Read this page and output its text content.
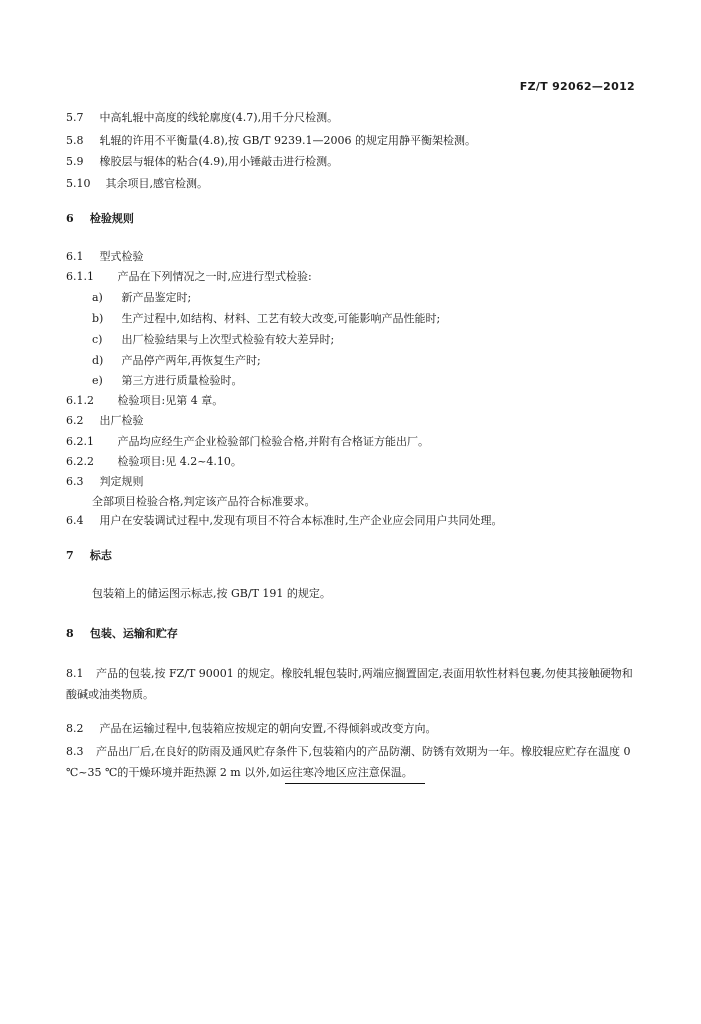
FZ/T 92062—2012
5.7 中高轧辊中高度的线轮廓度(4.7),用千分尺检测。
5.8 轧辊的许用不平衡量(4.8),按 GB/T 9239.1—2006 的规定用静平衡架检测。
5.9 橡胶层与辊体的粘合(4.9),用小锤敲击进行检测。
5.10 其余项目,感官检测。
6 检验规则
6.1 型式检验
6.1.1 产品在下列情况之一时,应进行型式检验:
a) 新产品鉴定时;
b) 生产过程中,如结构、材料、工艺有较大改变,可能影响产品性能时;
c) 出厂检验结果与上次型式检验有较大差异时;
d) 产品停产两年,再恢复生产时;
e) 第三方进行质量检验时。
6.1.2 检验项目:见第 4 章。
6.2 出厂检验
6.2.1 产品均应经生产企业检验部门检验合格,并附有合格证方能出厂。
6.2.2 检验项目:见 4.2~4.10。
6.3 判定规则
全部项目检验合格,判定该产品符合标准要求。
6.4 用户在安装调试过程中,发现有项目不符合本标准时,生产企业应会同用户共同处理。
7 标志
包装箱上的储运图示标志,按 GB/T 191 的规定。
8 包装、运输和贮存
8.1 产品的包装,按 FZ/T 90001 的规定。橡胶轧辊包装时,两端应搁置固定,表面用软性材料包裹,勿使其接触硬物和酸碱或油类物质。
8.2 产品在运输过程中,包装箱应按规定的朝向安置,不得倾斜或改变方向。
8.3 产品出厂后,在良好的防雨及通风贮存条件下,包装箱内的产品防潮、防锈有效期为一年。橡胶辊应贮存在温度 0 ℃~35 ℃的干燥环境并距热源 2 m 以外,如运往寒冷地区应注意保温。
